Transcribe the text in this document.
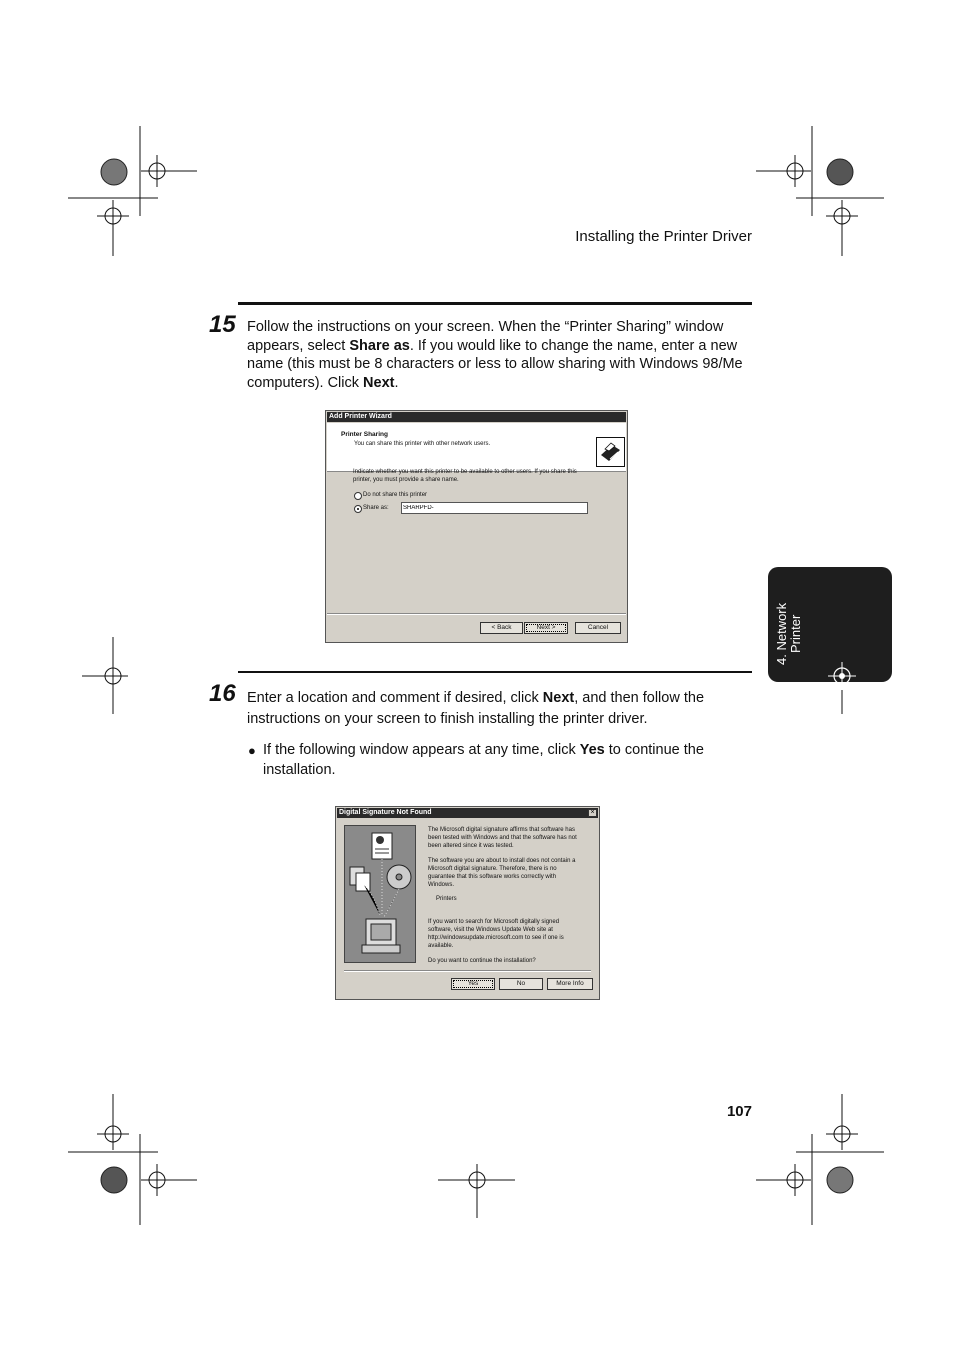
Installing the Printer Driver
15 Follow the instructions on your screen. When the “Printer Sharing” window
appears, select Share as. If you would like to change the name, enter a new
name (this must be 8 characters or less to allow sharing with Windows 98/Me
computers). Click Next.
Add Printer Wizard
Printer Sharing
You can share this printer with other network users.
Indicate whether you want this printer to be available to other users. If you share this
printer, you must provide a share name.
Do not share this printer
Share as:
SHARPFD-
< Back	Next >	Cancel
16 Enter a location and comment if desired, click Next, and then follow the
instructions on your screen to finish installing the printer driver.
● If the following window appears at any time, click Yes to continue the
installation.
Digital Signature Not Found	×
The Microsoft digital signature affirms that software has
been tested with Windows and that the software has not
been altered since it was tested.
The software you are about to install does not contain a
Microsoft digital signature. Therefore, there is no
guarantee that this software works correctly with
Windows.
Printers
If you want to search for Microsoft digitally signed
software, visit the Windows Update Web site at
http://windowsupdate.microsoft.com to see if one is
available.
Do you want to continue the installation?
Yes	No	More Info
4. Network Printer
107
